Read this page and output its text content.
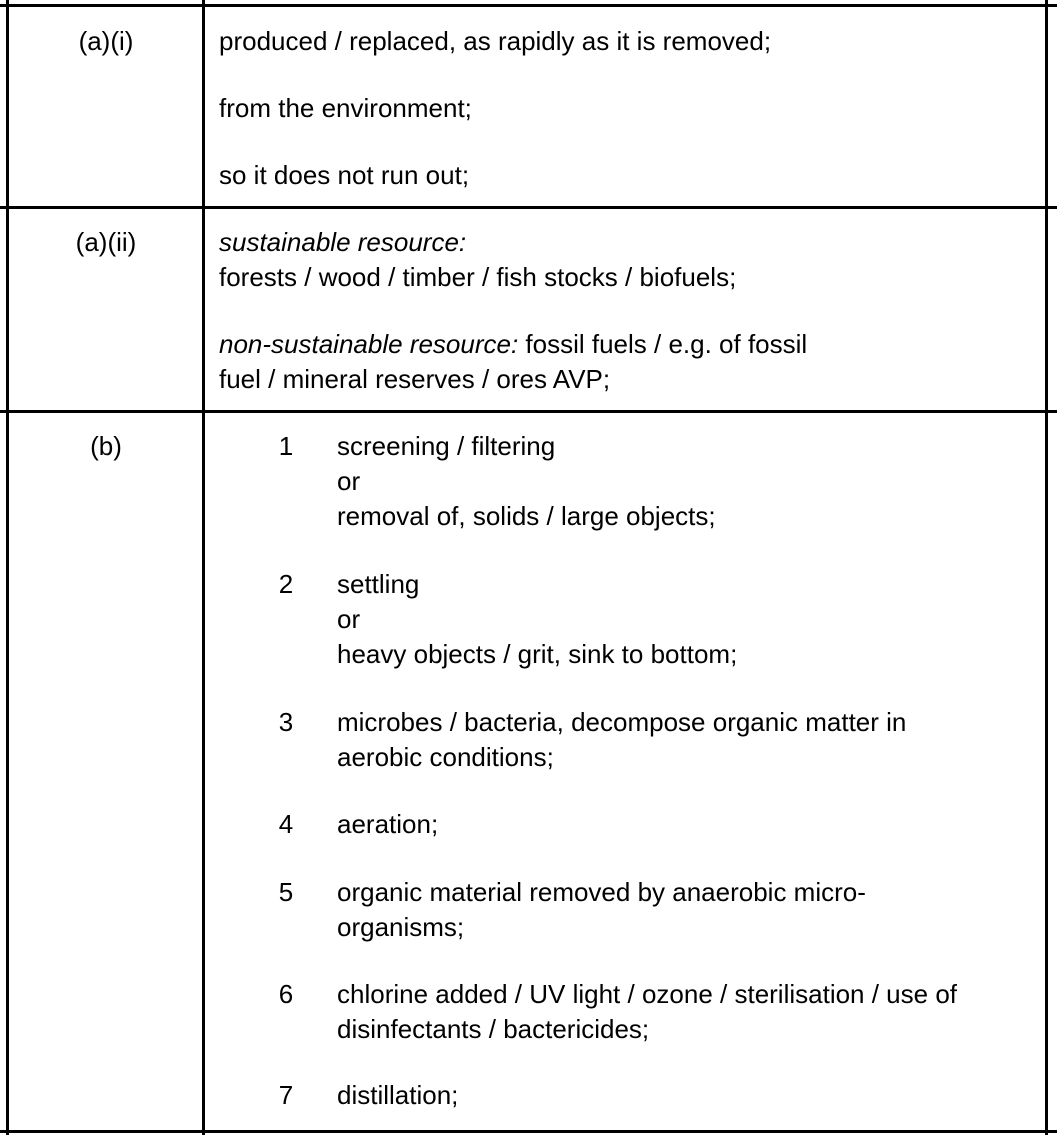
(a)(i)	produced / replaced, as rapidly as it is removed;

from the environment;

so it does not run out;

(a)(ii)	sustainable resource:

forests / wood / timber / fish stocks / biofuels;

non-sustainable resource: fossil fuels / e.g. of fossil

fuel / mineral reserves / ores AVP;

(b)	1	screening / filtering
or
removal of, solids / large objects;
2	settling
or
heavy objects / grit, sink to bottom;
3	microbes / bacteria, decompose organic matter in
aerobic conditions;
4	aeration;
5	organic material removed by anaerobic micro-
organisms;
6	chlorine added / UV light / ozone / sterilisation / use of
disinfectants / bactericides;
7	distillation;
